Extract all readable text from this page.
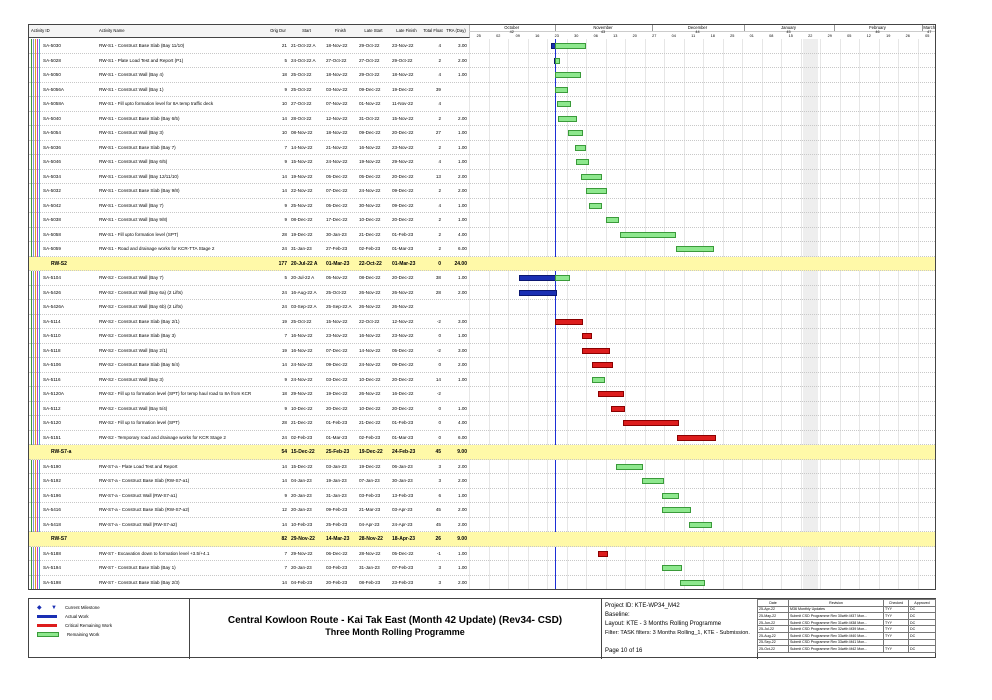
Activity ID	Activity Name	Orig Dur	Start	Finish	Late Start	Late Finish	Total Float TRA (Day)
October
42
November
43
December
44
January
45
February
46
March
47
25	02	09	16	23	30	06	13	20	27	04	11	18	25	01	08	15	22	29	05	12	19	26	05
SA-5030	RW-S1 - Construct Base Slab (Bay 11/10)	21 21-Oct-22 A	18-Nov-22	29-Oct-22	23-Nov-22	4	3.00
SA-5028	RW-S1 - Plate Load Test and Report (P1)	5 24-Oct-22 A	27-Oct-22	27-Oct-22	29-Oct-22	2	2.00
SA-5050	RW-S1 - Construct Wall (Bay 4)	18 25-Oct-22	18-Nov-22	29-Oct-22	18-Nov-22	4	1.00
SA-5056A	RW-S1 - Construct Wall (Bay 1)	9 25-Oct-22	03-Nov-22	09-Dec-22	19-Dec-22	39
SA-5058A	RW-S1 - Fill upto formation level for 8A temp traffic deck	10 27-Oct-22	07-Nov-22	01-Nov-22	11-Nov-22	4
SA-5040	RW-S1 - Construct Base Slab (Bay 6/5)	14 28-Oct-22	12-Nov-22	31-Oct-22	15-Nov-22	2	2.00
SA-5054	RW-S1 - Construct Wall (Bay 3)	10 08-Nov-22	18-Nov-22	09-Dec-22	20-Dec-22	27	1.00
SA-5036	RW-S1 - Construct Base Slab (Bay 7)	7 14-Nov-22	21-Nov-22	16-Nov-22	23-Nov-22	2	1.00
SA-5046	RW-S1 - Construct Wall (Bay 6/5)	9 15-Nov-22	24-Nov-22	19-Nov-22	29-Nov-22	4	1.00
SA-5034	RW-S1 - Construct Wall (Bay 12/11/10)	14 19-Nov-22	05-Dec-22	05-Dec-22	20-Dec-22	13	2.00
SA-5032	RW-S1 - Construct Base Slab (Bay 9/8)	14 22-Nov-22	07-Dec-22	24-Nov-22	09-Dec-22	2	2.00
SA-5042	RW-S1 - Construct Wall (Bay 7)	9 25-Nov-22	05-Dec-22	30-Nov-22	09-Dec-22	4	1.00
SA-5038	RW-S1 - Construct Wall (Bay 9/8)	9 08-Dec-22	17-Dec-22	10-Dec-22	20-Dec-22	2	1.00
SA-5058	RW-S1 - Fill upto formation level (SPT)	28 19-Dec-22	30-Jan-23	21-Dec-22	01-Feb-23	2	4.00
SA-5059	RW-S1 - Road and drainage works for KCR-TTA Stage 2	24 31-Jan-23	27-Feb-23	02-Feb-23	01-Mar-23	2	6.00
RW-S2	177 20-Jul-22 A	01-Mar-23	22-Oct-22	01-Mar-23	0	24.00
SA-5104	RW-S2 - Construct Wall (Bay 7)	5 20-Jul-22 A	05-Nov-22	08-Dec-22	20-Dec-22	38	1.00
SA-5426	RW-S2 - Construct Wall (Bay 6a) (2 Lifts)	24 16-Aug-22 A	25-Oct-22	26-Nov-22	26-Nov-22	28	2.00
SA-5426A	RW-S2 - Construct Wall (Bay 6b) (2 Lifts)	24 03-Sep-22 A	25-Sep-22 A	26-Nov-22	26-Nov-22
SA-5114	RW-S2 - Construct Base Slab (Bay 2/1)	19 25-Oct-22	15-Nov-22	22-Oct-22	12-Nov-22	-2	3.00
SA-5110	RW-S2 - Construct Base Slab (Bay 3)	7 16-Nov-22	23-Nov-22	16-Nov-22	23-Nov-22	0	1.00
SA-5118	RW-S2 - Construct Wall (Bay 2/1)	19 16-Nov-22	07-Dec-22	14-Nov-22	05-Dec-22	-2	3.00
SA-5106	RW-S2 - Construct Base Slab (Bay 5/4)	14 24-Nov-22	09-Dec-22	24-Nov-22	09-Dec-22	0	2.00
SA-5116	RW-S2 - Construct Wall (Bay 3)	9 24-Nov-22	03-Dec-22	10-Dec-22	20-Dec-22	14	1.00
SA-5120A	RW-S2 - Fill up to formation level (SPT) for temp haul road to 8A from KCR	18 29-Nov-22	19-Dec-22	26-Nov-22	16-Dec-22	-2
SA-5112	RW-S2 - Construct Wall (Bay 5/4)	9 10-Dec-22	20-Dec-22	10-Dec-22	20-Dec-22	0	1.00
SA-5120	RW-S2 - Fill up to formation level (SPT)	28 21-Dec-22	01-Feb-23	21-Dec-22	01-Feb-23	0	4.00
SA-5151	RW-S2 - Temporary road and drainage works for KCR Stage 2	24 02-Feb-23	01-Mar-23	02-Feb-23	01-Mar-23	0	6.00
RW-S7-a	54 15-Dec-22	25-Feb-23	19-Dec-22	24-Feb-23	45	9.00
SA-5190	RW-S7-a - Plate Load Test and Report	14 15-Dec-22	03-Jan-23	19-Dec-22	06-Jan-23	3	2.00
SA-5192	RW-S7-a - Construct Base Slab (RW-S7-a1)	14 04-Jan-23	19-Jan-23	07-Jan-23	30-Jan-23	3	2.00
SA-5196	RW-S7-a - Construct Wall (RW-S7-a1)	9 20-Jan-23	31-Jan-23	03-Feb-23	13-Feb-23	6	1.00
SA-5416	RW-S7-a - Construct Base Slab (RW-S7-a2)	12 20-Jan-23	09-Feb-23	21-Mar-23	03-Apr-23	45	2.00
SA-5418	RW-S7-a - Construct Wall (RW-S7-a2)	14 10-Feb-23	25-Feb-23	04-Apr-23	24-Apr-23	45	2.00
RW-S7	82 29-Nov-22	14-Mar-23	28-Nov-22	18-Apr-23	26	9.00
SA-5188	RW-S7 - Excavation down to formation level +3.5/+4.1	7 29-Nov-22	06-Dec-22	28-Nov-22	05-Dec-22	-1	1.00
SA-5194	RW-S7 - Construct Base Slab (Bay 1)	7 20-Jan-23	03-Feb-23	31-Jan-23	07-Feb-23	3	1.00
SA-5198	RW-S7 - Construct Base Slab (Bay 2/3)	14 04-Feb-23	20-Feb-23	08-Feb-23	23-Feb-23	3	2.00
◆ ▼ Current Milestone
Actual Work
Critical Remaining Work
Remaining Work
Central Kowloon Route - Kai Tak East (Month 42 Update) (Rev34- CSD)
Three Month Rolling Programme
Project ID: KTE-WP34_M42
Baseline:
Layout: KTE - 3 Months Rolling Programme
Filter: TASK filters: 3 Months Rolling_1, KTE - Submission.
Page 10 of 16
Date	Revision	Checked	Approved
25-Apr-22	M36 Monthly Updates	TYY	DC
25-May-22	Submit CSD Programme Rev 30with M37 Mon...	TYY	DC
25-Jun-22	Submit CSD Programme Rev 31with M38 Mon...	TYY	DC
25-Jul-22	Submit CSD Programme Rev 32with M39 Mon...	TYY	DC
25-Aug-22	Submit CSD Programme Rev 33with M40 Mon...	TYY	DC
25-Sep-22	Submit CSD Programme Rev 33with M41 Mon...		
25-Oct-22	Submit CSD Programme Rev 34with M42 Mon...	TYY	DC
